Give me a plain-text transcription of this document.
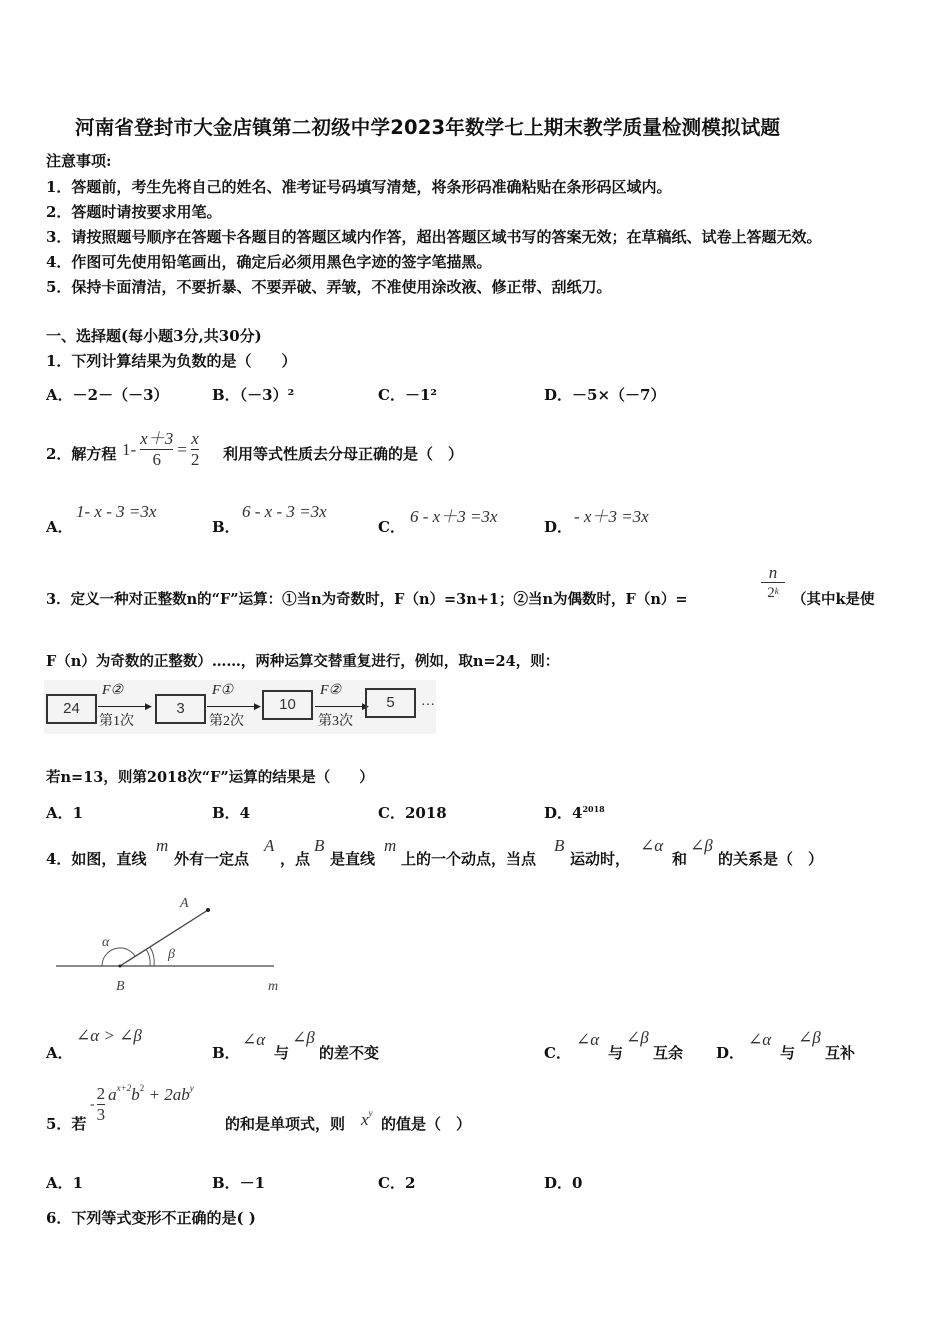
河南省登封市大金店镇第二初级中学2023年数学七上期末教学质量检测模拟试题
注意事项:
1．答题前，考生先将自己的姓名、准考证号码填写清楚，将条形码准确粘贴在条形码区域内。
2．答题时请按要求用笔。
3．请按照题号顺序在答题卡各题目的答题区域内作答，超出答题区域书写的答案无效；在草稿纸、试卷上答题无效。
4．作图可先使用铅笔画出，确定后必须用黑色字迹的签字笔描黑。
5．保持卡面清洁，不要折暴、不要弄破、弄皱，不准使用涂改液、修正带、刮纸刀。
一、选择题(每小题3分,共30分)
1．下列计算结果为负数的是（　　）
A．－2－（－3）	B．（－3）²	C．－1²	D．－5×（－7）
2．解方程 $1- \frac{x+3}{6} = \frac{x}{2}$ 利用等式性质去分母正确的是（　）
A．
1- x - 3 =3x
B．
6 - x - 3 =3x
C．
6 - x＋3 =3x
D．
- x＋3 =3x
3．定义一种对正整数n的“F”运算：①当n为奇数时，F（n）=3n+1；②当n为偶数时，F（n）=	$\frac{n}{2^k}$ （其中k是使
F（n）为奇数的正整数）……，两种运算交替重复进行，例如，取n=24，则：
24
F②
▶
第1次
3
F①
▶
第2次
10
F②
▶
第3次
5	…
若n=13，则第2018次“F”运算的结果是（　　）
A．1	B．4	C．2018	D．$4^{2018}$
4．如图，直线
m
外有一定点
A
，点
B
是直线
m
上的一个动点，当点
B
运动时，
∠α
和
∠β
的关系是（　）
A
α
β
B	m
A．
∠α > ∠β
B．
∠α
与
∠β
的差不变	C．
∠α
与
∠β
互余 D．
∠α
与
∠β
互补
5．若
- $\frac{2}{3} a^{x+2}b^2 + 2ab^y$
的和是单项式，则 $x^y$
的值是（　）
A．1	B．－1	C．2	D．0
6．下列等式变形不正确的是( )
